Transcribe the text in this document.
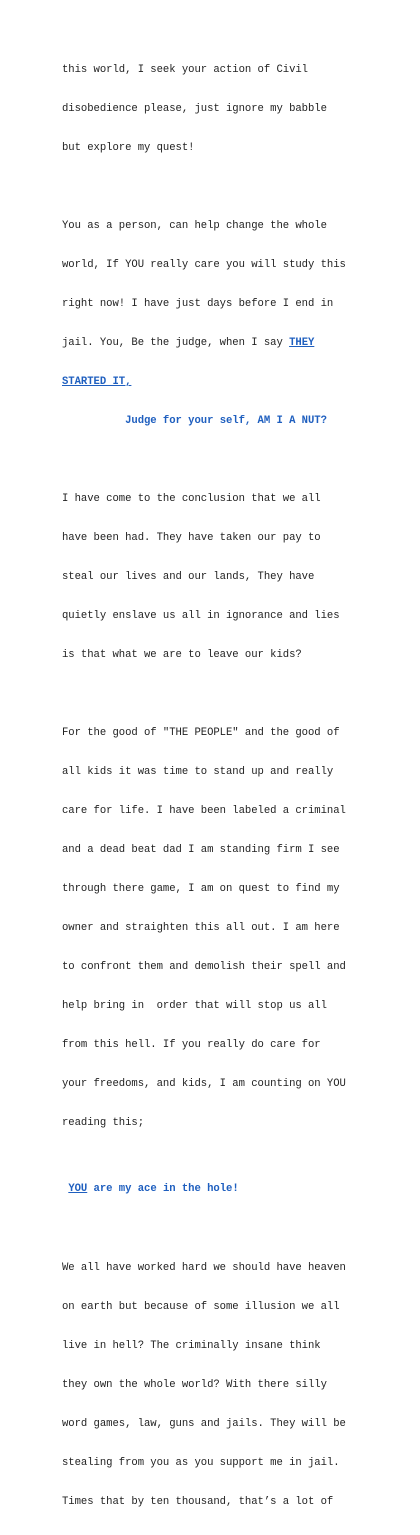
this world, I seek your action of Civil

disobedience please, just ignore my babble

but explore my quest!

You as a person, can help change the whole

world, If YOU really care you will study this

right now! I have just days before I end in

jail. You, Be the judge, when I say THEY

STARTED IT,

Judge for your self, AM I A NUT?

I have come to the conclusion that we all

have been had. They have taken our pay to

steal our lives and our lands, They have

quietly enslave us all in ignorance and lies

is that what we are to leave our kids?

For the good of "THE PEOPLE" and the good of

all kids it was time to stand up and really

care for life. I have been labeled a criminal

and a dead beat dad I am standing firm I see

through there game, I am on quest to find my

owner and straighten this all out. I am here

to confront them and demolish their spell and

help bring in  order that will stop us all

from this hell. If you really do care for

your freedoms, and kids, I am counting on YOU

reading this;

YOU are my ace in the hole!

We all have worked hard we should have heaven

on earth but because of some illusion we all

live in hell? The criminally insane think

they own the whole world? With there silly

word games, law, guns and jails. They will be

stealing from you as you support me in jail.

Times that by ten thousand, that’s a lot of
